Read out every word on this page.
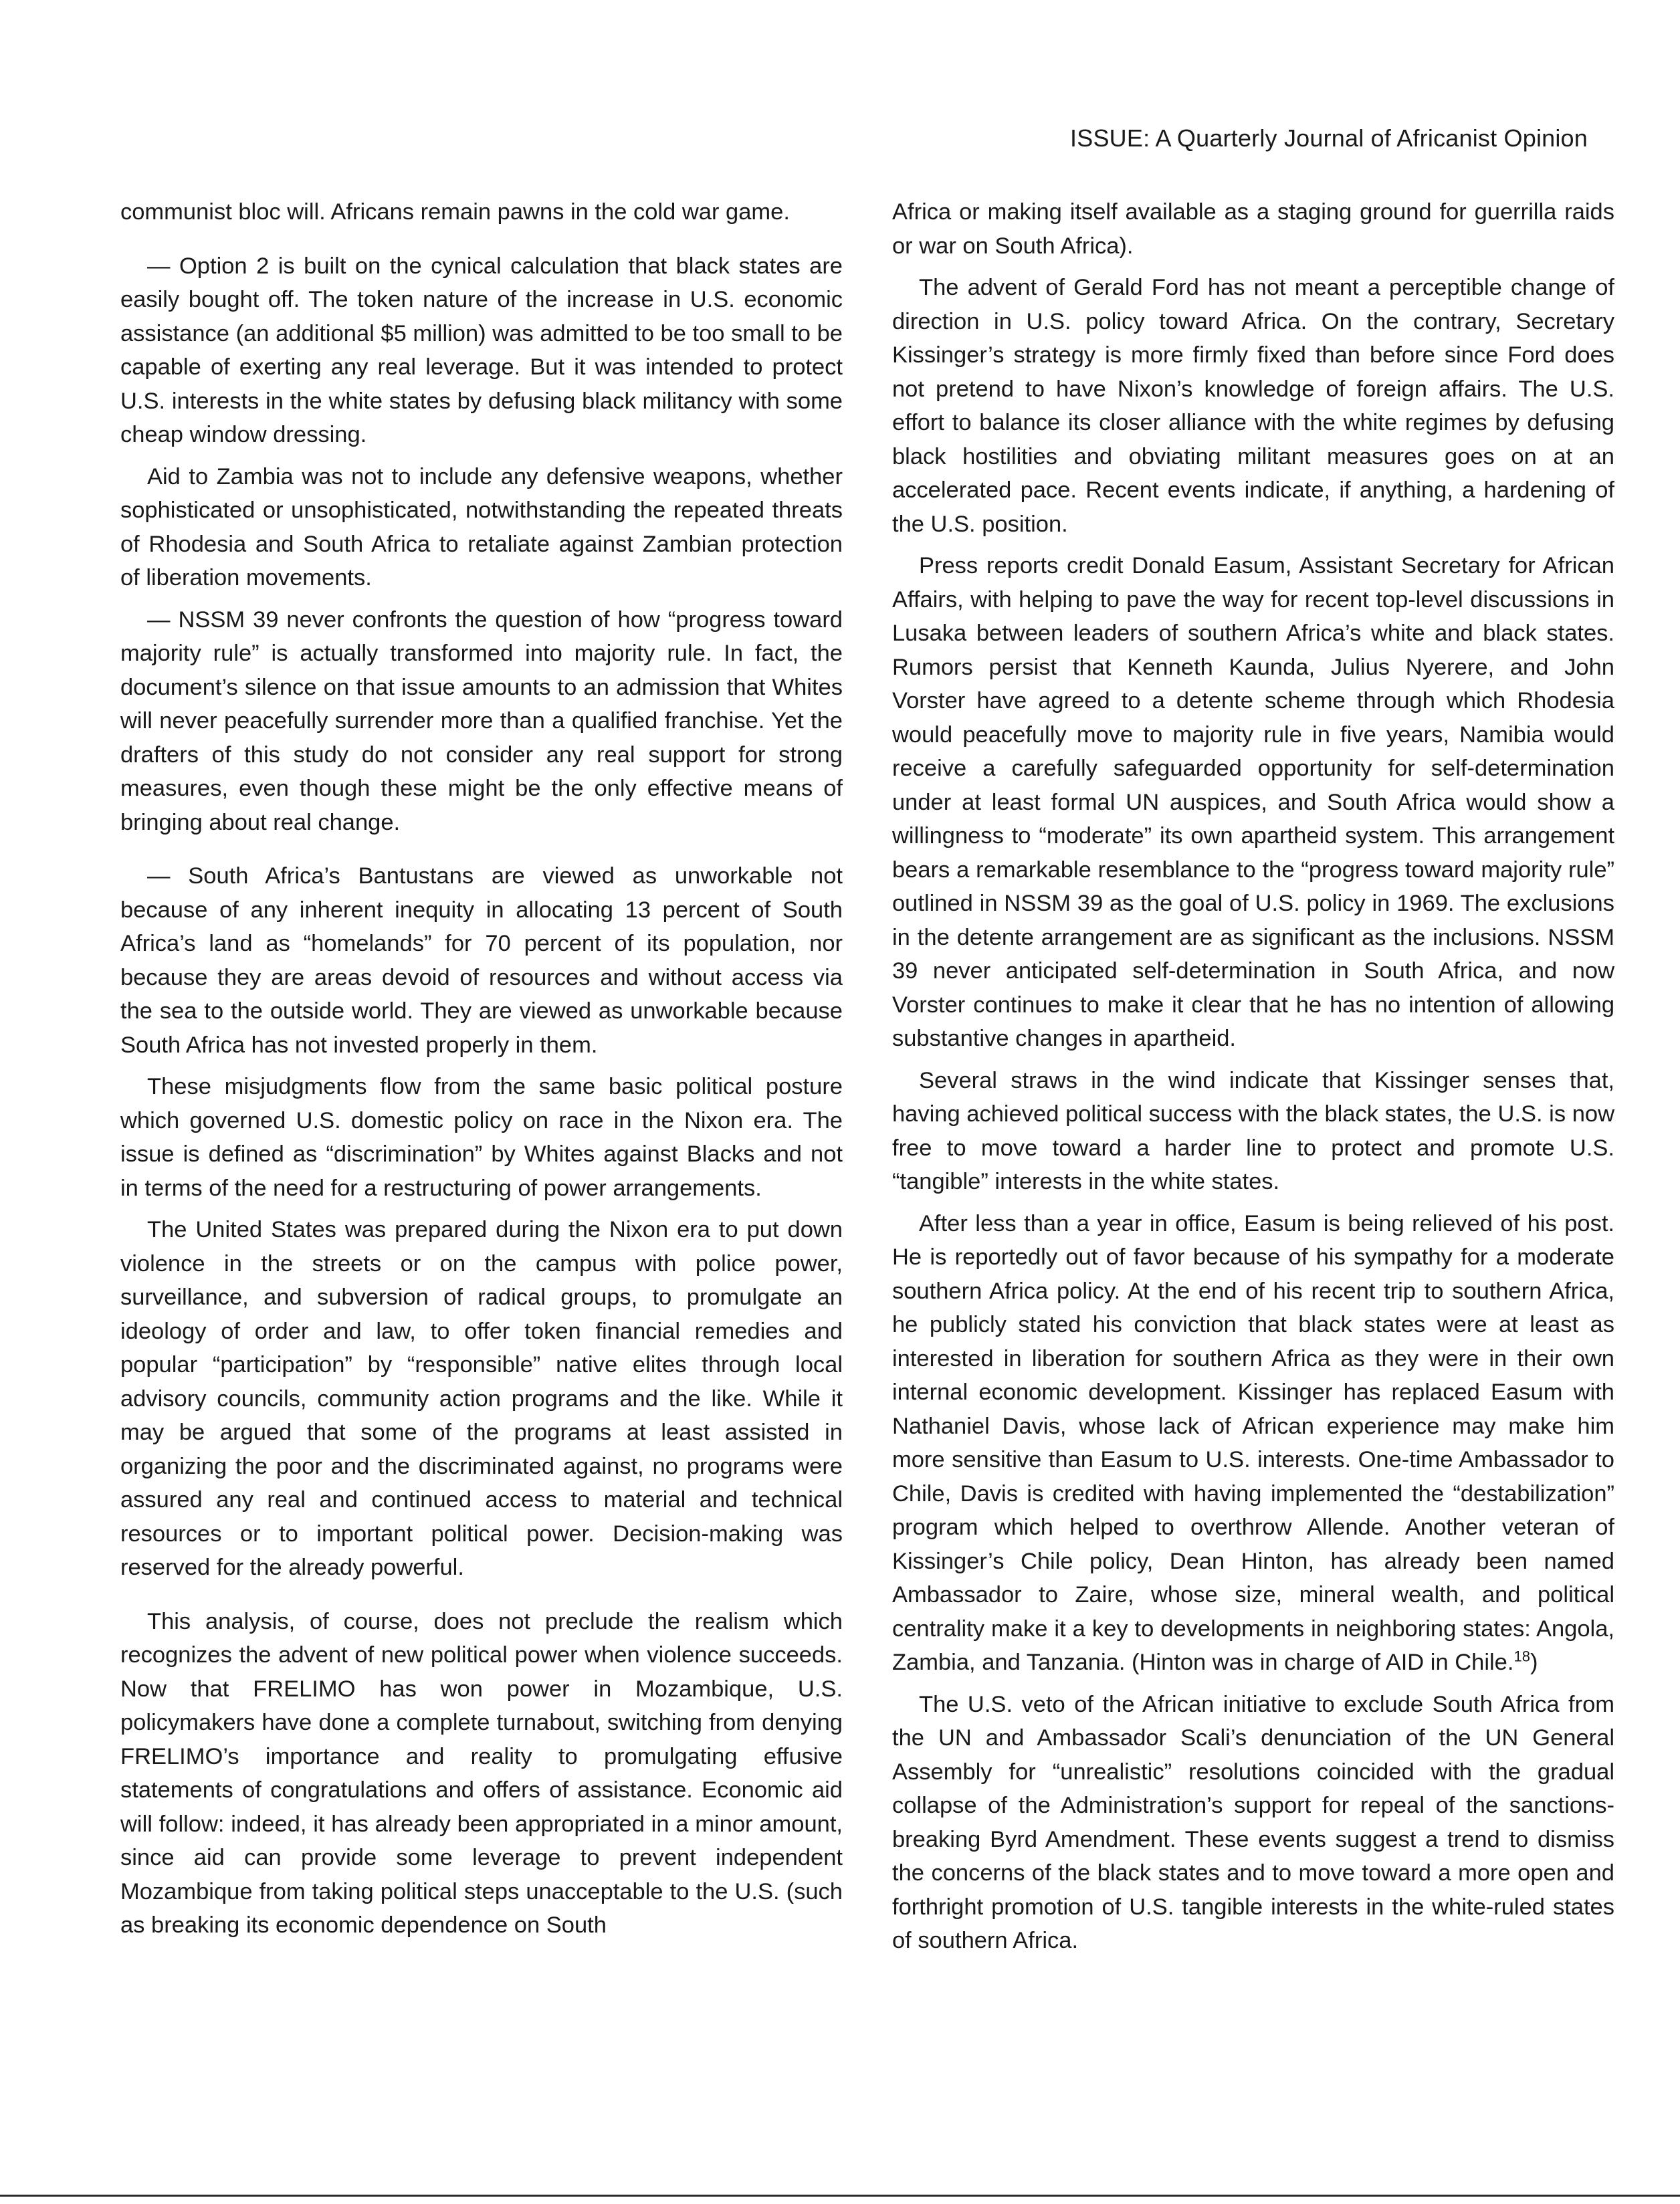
ISSUE: A Quarterly Journal of Africanist Opinion

communist bloc will. Africans remain pawns in the cold war game.

— Option 2 is built on the cynical calculation that black states are easily bought off. The token nature of the increase in U.S. economic assistance (an additional $5 million) was admitted to be too small to be capable of exerting any real leverage. But it was intended to protect U.S. interests in the white states by defusing black militancy with some cheap window dressing.

Aid to Zambia was not to include any defensive weapons, whether sophisticated or unsophisticated, notwithstanding the repeated threats of Rhodesia and South Africa to retaliate against Zambian protection of liberation movements.

— NSSM 39 never confronts the question of how “progress toward majority rule” is actually transformed into majority rule. In fact, the document’s silence on that issue amounts to an admission that Whites will never peacefully surrender more than a qualified franchise. Yet the drafters of this study do not consider any real support for strong measures, even though these might be the only effective means of bringing about real change.

— South Africa’s Bantustans are viewed as unworkable not because of any inherent inequity in allocating 13 percent of South Africa’s land as “homelands” for 70 percent of its population, nor because they are areas devoid of resources and without access via the sea to the outside world. They are viewed as unworkable because South Africa has not invested properly in them.

These misjudgments flow from the same basic political posture which governed U.S. domestic policy on race in the Nixon era. The issue is defined as “discrimination” by Whites against Blacks and not in terms of the need for a restructuring of power arrangements.

The United States was prepared during the Nixon era to put down violence in the streets or on the campus with police power, surveillance, and subversion of radical groups, to promulgate an ideology of order and law, to offer token financial remedies and popular “participation” by “responsible” native elites through local advisory councils, community action programs and the like. While it may be argued that some of the programs at least assisted in organizing the poor and the discriminated against, no programs were assured any real and continued access to material and technical resources or to important political power. Decision-making was reserved for the already powerful.

This analysis, of course, does not preclude the realism which recognizes the advent of new political power when violence succeeds. Now that FRELIMO has won power in Mozambique, U.S. policymakers have done a complete turnabout, switching from denying FRELIMO’s importance and reality to promulgating effusive statements of congratulations and offers of assistance. Economic aid will follow: indeed, it has already been appropriated in a minor amount, since aid can provide some leverage to prevent independent Mozambique from taking political steps unacceptable to the U.S. (such as breaking its economic dependence on South

Africa or making itself available as a staging ground for guerrilla raids or war on South Africa).

The advent of Gerald Ford has not meant a perceptible change of direction in U.S. policy toward Africa. On the contrary, Secretary Kissinger’s strategy is more firmly fixed than before since Ford does not pretend to have Nixon’s knowledge of foreign affairs. The U.S. effort to balance its closer alliance with the white regimes by defusing black hostilities and obviating militant measures goes on at an accelerated pace. Recent events indicate, if anything, a hardening of the U.S. position.

Press reports credit Donald Easum, Assistant Secretary for African Affairs, with helping to pave the way for recent top-level discussions in Lusaka between leaders of southern Africa’s white and black states. Rumors persist that Kenneth Kaunda, Julius Nyerere, and John Vorster have agreed to a detente scheme through which Rhodesia would peacefully move to majority rule in five years, Namibia would receive a carefully safeguarded opportunity for self-determination under at least formal UN auspices, and South Africa would show a willingness to “moderate” its own apartheid system. This arrangement bears a remarkable resemblance to the “progress toward majority rule” outlined in NSSM 39 as the goal of U.S. policy in 1969. The exclusions in the detente arrangement are as significant as the inclusions. NSSM 39 never anticipated self-determination in South Africa, and now Vorster continues to make it clear that he has no intention of allowing substantive changes in apartheid.

Several straws in the wind indicate that Kissinger senses that, having achieved political success with the black states, the U.S. is now free to move toward a harder line to protect and promote U.S. “tangible” interests in the white states.

After less than a year in office, Easum is being relieved of his post. He is reportedly out of favor because of his sympathy for a moderate southern Africa policy. At the end of his recent trip to southern Africa, he publicly stated his conviction that black states were at least as interested in liberation for southern Africa as they were in their own internal economic development. Kissinger has replaced Easum with Nathaniel Davis, whose lack of African experience may make him more sensitive than Easum to U.S. interests. One-time Ambassador to Chile, Davis is credited with having implemented the “destabilization” program which helped to overthrow Allende. Another veteran of Kissinger’s Chile policy, Dean Hinton, has already been named Ambassador to Zaire, whose size, mineral wealth, and political centrality make it a key to developments in neighboring states: Angola, Zambia, and Tanzania. (Hinton was in charge of AID in Chile.$^{18}$)

The U.S. veto of the African initiative to exclude South Africa from the UN and Ambassador Scali’s denunciation of the UN General Assembly for “unrealistic” resolutions coincided with the gradual collapse of the Administration’s support for repeal of the sanctions-breaking Byrd Amendment. These events suggest a trend to dismiss the concerns of the black states and to move toward a more open and forthright promotion of U.S. tangible interests in the white-ruled states of southern Africa.
